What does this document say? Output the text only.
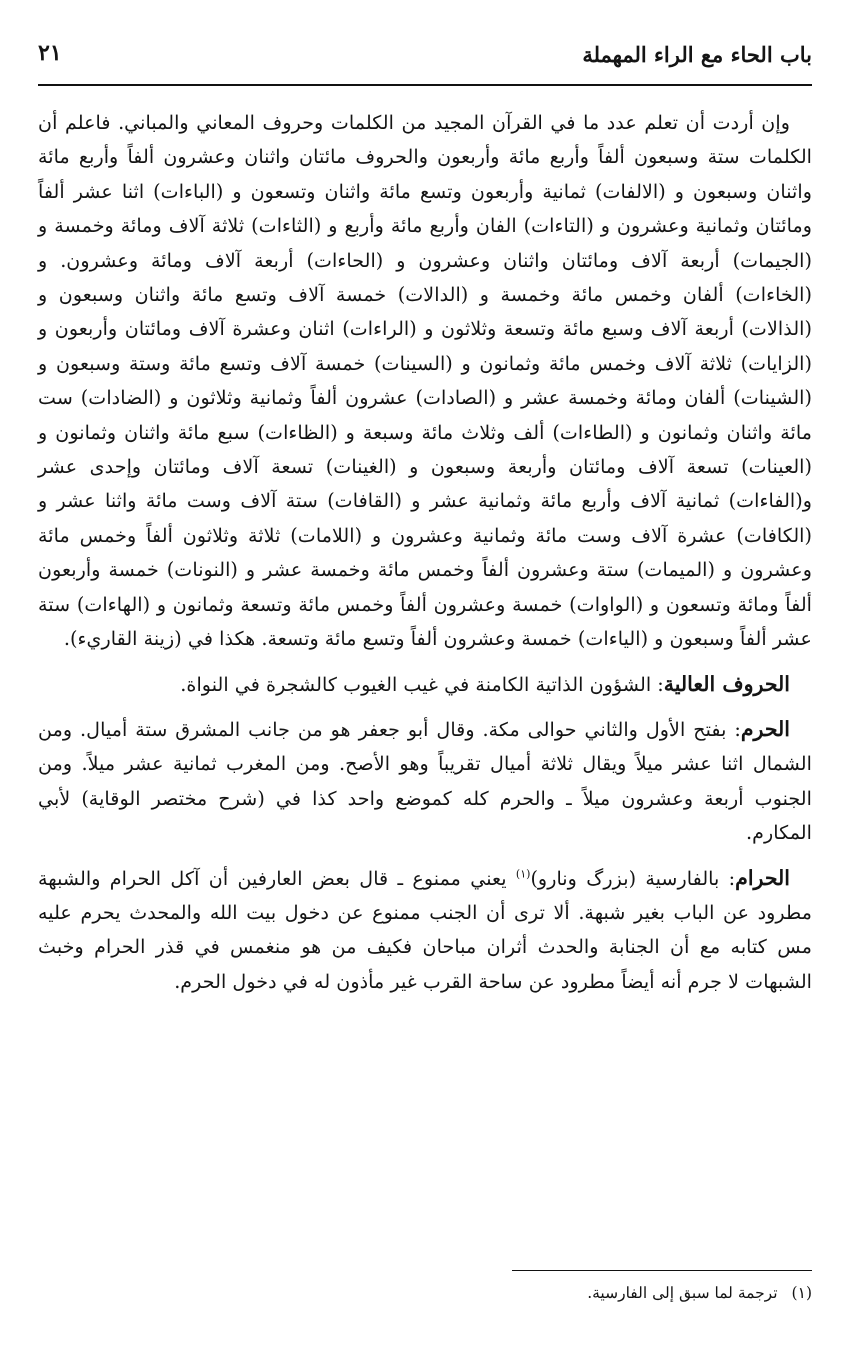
باب الحاء مع الراء المهملة
٢١

وإن أردت أن تعلم عدد ما في القرآن المجيد من الكلمات وحروف المعاني والمباني. فاعلم أن الكلمات ستة وسبعون ألفاً وأربع مائة وأربعون والحروف مائتان واثنان وعشرون ألفاً وأربع مائة واثنان وسبعون و (الالفات) ثمانية وأربعون وتسع مائة واثنان وتسعون و (الباءات) اثنا عشر ألفاً ومائتان وثمانية وعشرون و (التاءات) الفان وأربع مائة وأربع و (الثاءات) ثلاثة آلاف ومائة وخمسة و (الجيمات) أربعة آلاف ومائتان واثنان وعشرون و (الحاءات) أربعة آلاف ومائة وعشرون. و (الخاءات) ألفان وخمس مائة وخمسة و (الدالات) خمسة آلاف وتسع مائة واثنان وسبعون و (الذالات) أربعة آلاف وسبع مائة وتسعة وثلاثون و (الراءات) اثنان وعشرة آلاف ومائتان وأربعون و (الزايات) ثلاثة آلاف وخمس مائة وثمانون و (السينات) خمسة آلاف وتسع مائة وستة وسبعون و (الشينات) ألفان ومائة وخمسة عشر و (الصادات) عشرون ألفاً وثمانية وثلاثون و (الضادات) ست مائة واثنان وثمانون و (الطاءات) ألف وثلاث مائة وسبعة و (الظاءات) سبع مائة واثنان وثمانون و (العينات) تسعة آلاف ومائتان وأربعة وسبعون و (الغينات) تسعة آلاف ومائتان وإحدى عشر و(الفاءات) ثمانية آلاف وأربع مائة وثمانية عشر و (القافات) ستة آلاف وست مائة واثنا عشر و (الكافات) عشرة آلاف وست مائة وثمانية وعشرون و (اللامات) ثلاثة وثلاثون ألفاً وخمس مائة وعشرون و (الميمات) ستة وعشرون ألفاً وخمس مائة وخمسة عشر و (النونات) خمسة وأربعون ألفاً ومائة وتسعون و (الواوات) خمسة وعشرون ألفاً وخمس مائة وتسعة وثمانون و (الهاءات) ستة عشر ألفاً وسبعون و (الياءات) خمسة وعشرون ألفاً وتسع مائة وتسعة. هكذا في (زينة القاريء).

الحروف العالية: الشؤون الذاتية الكامنة في غيب الغيوب كالشجرة في النواة.

الحرم: بفتح الأول والثاني حوالى مكة. وقال أبو جعفر هو من جانب المشرق ستة أميال. ومن الشمال اثنا عشر ميلاً ويقال ثلاثة أميال تقريباً وهو الأصح. ومن المغرب ثمانية عشر ميلاً. ومن الجنوب أربعة وعشرون ميلاً ـ والحرم كله كموضع واحد كذا في (شرح مختصر الوقاية) لأبي المكارم.

الحرام: بالفارسية (بزرگ ونارو)$^{(١)}$ يعني ممنوع ـ قال بعض العارفين أن آكل الحرام والشبهة مطرود عن الباب بغير شبهة. ألا ترى أن الجنب ممنوع عن دخول بيت الله والمحدث يحرم عليه مس كتابه مع أن الجنابة والحدث أثران مباحان فكيف من هو منغمس في قذر الحرام وخبث الشبهات لا جرم أنه أيضاً مطرود عن ساحة القرب غير مأذون له في دخول الحرم.

(١)ترجمة لما سبق إلى الفارسية.
